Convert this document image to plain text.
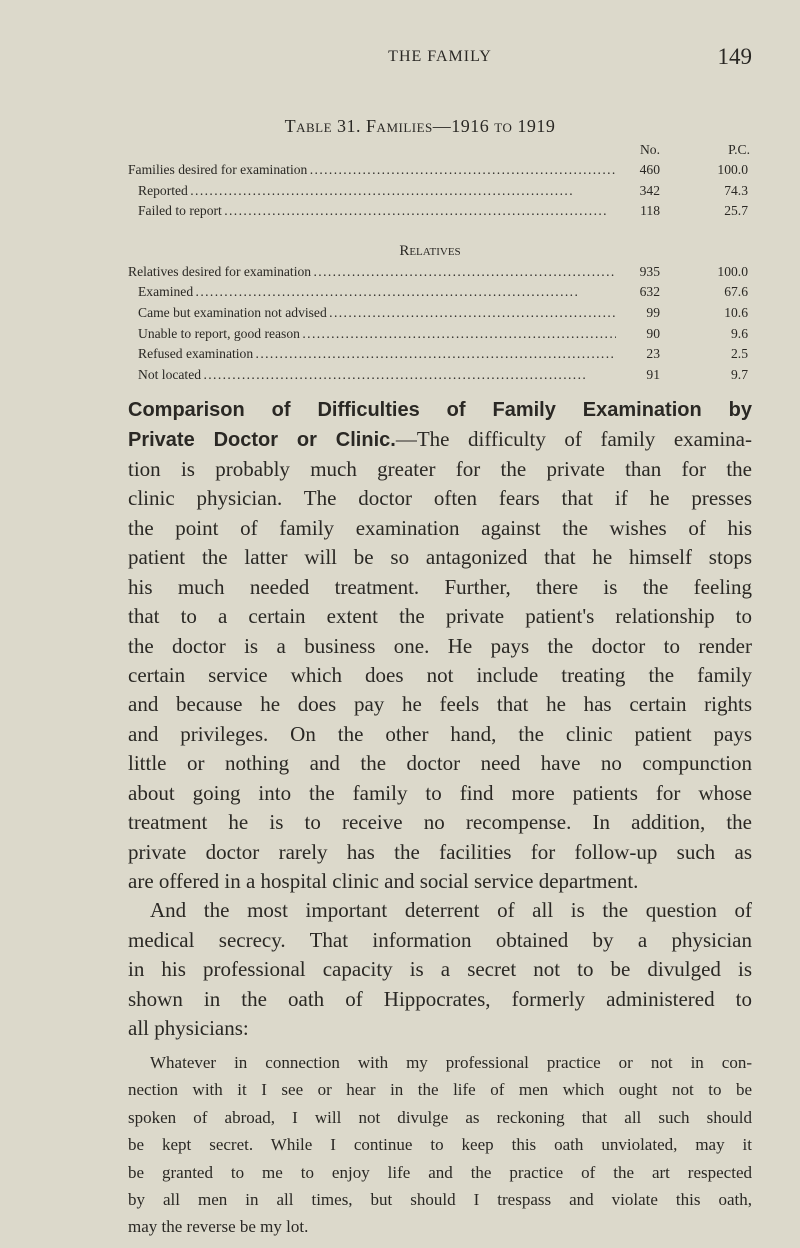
THE FAMILY	149
Table 31. Families—1916 to 1919
No.	P.C.
Families desired for examination . . .	460	100.0
Reported . . .	342	74.3
Failed to report . . .	118	25.7
Relatives
Relatives desired for examination . . .	935	100.0
Examined . . .	632	67.6
Came but examination not advised . . .	99	10.6
Unable to report, good reason . . .	90	9.6
Refused examination . . .	23	2.5
Not located . . .	91	9.7
Comparison of Difficulties of Family Examination by
Private Doctor or Clinic.—The difficulty of family examina-
tion is probably much greater for the private than for the
clinic physician. The doctor often fears that if he presses
the point of family examination against the wishes of his
patient the latter will be so antagonized that he himself stops
his much needed treatment. Further, there is the feeling
that to a certain extent the private patient's relationship to
the doctor is a business one. He pays the doctor to render
certain service which does not include treating the family
and because he does pay he feels that he has certain rights
and privileges. On the other hand, the clinic patient pays
little or nothing and the doctor need have no compunction
about going into the family to find more patients for whose
treatment he is to receive no recompense. In addition, the
private doctor rarely has the facilities for follow-up such as
are offered in a hospital clinic and social service department.
And the most important deterrent of all is the question of
medical secrecy. That information obtained by a physician
in his professional capacity is a secret not to be divulged is
shown in the oath of Hippocrates, formerly administered to
all physicians:
Whatever in connection with my professional practice or not in con-
nection with it I see or hear in the life of men which ought not to be
spoken of abroad, I will not divulge as reckoning that all such should
be kept secret. While I continue to keep this oath unviolated, may it
be granted to me to enjoy life and the practice of the art respected
by all men in all times, but should I trespass and violate this oath,
may the reverse be my lot.
